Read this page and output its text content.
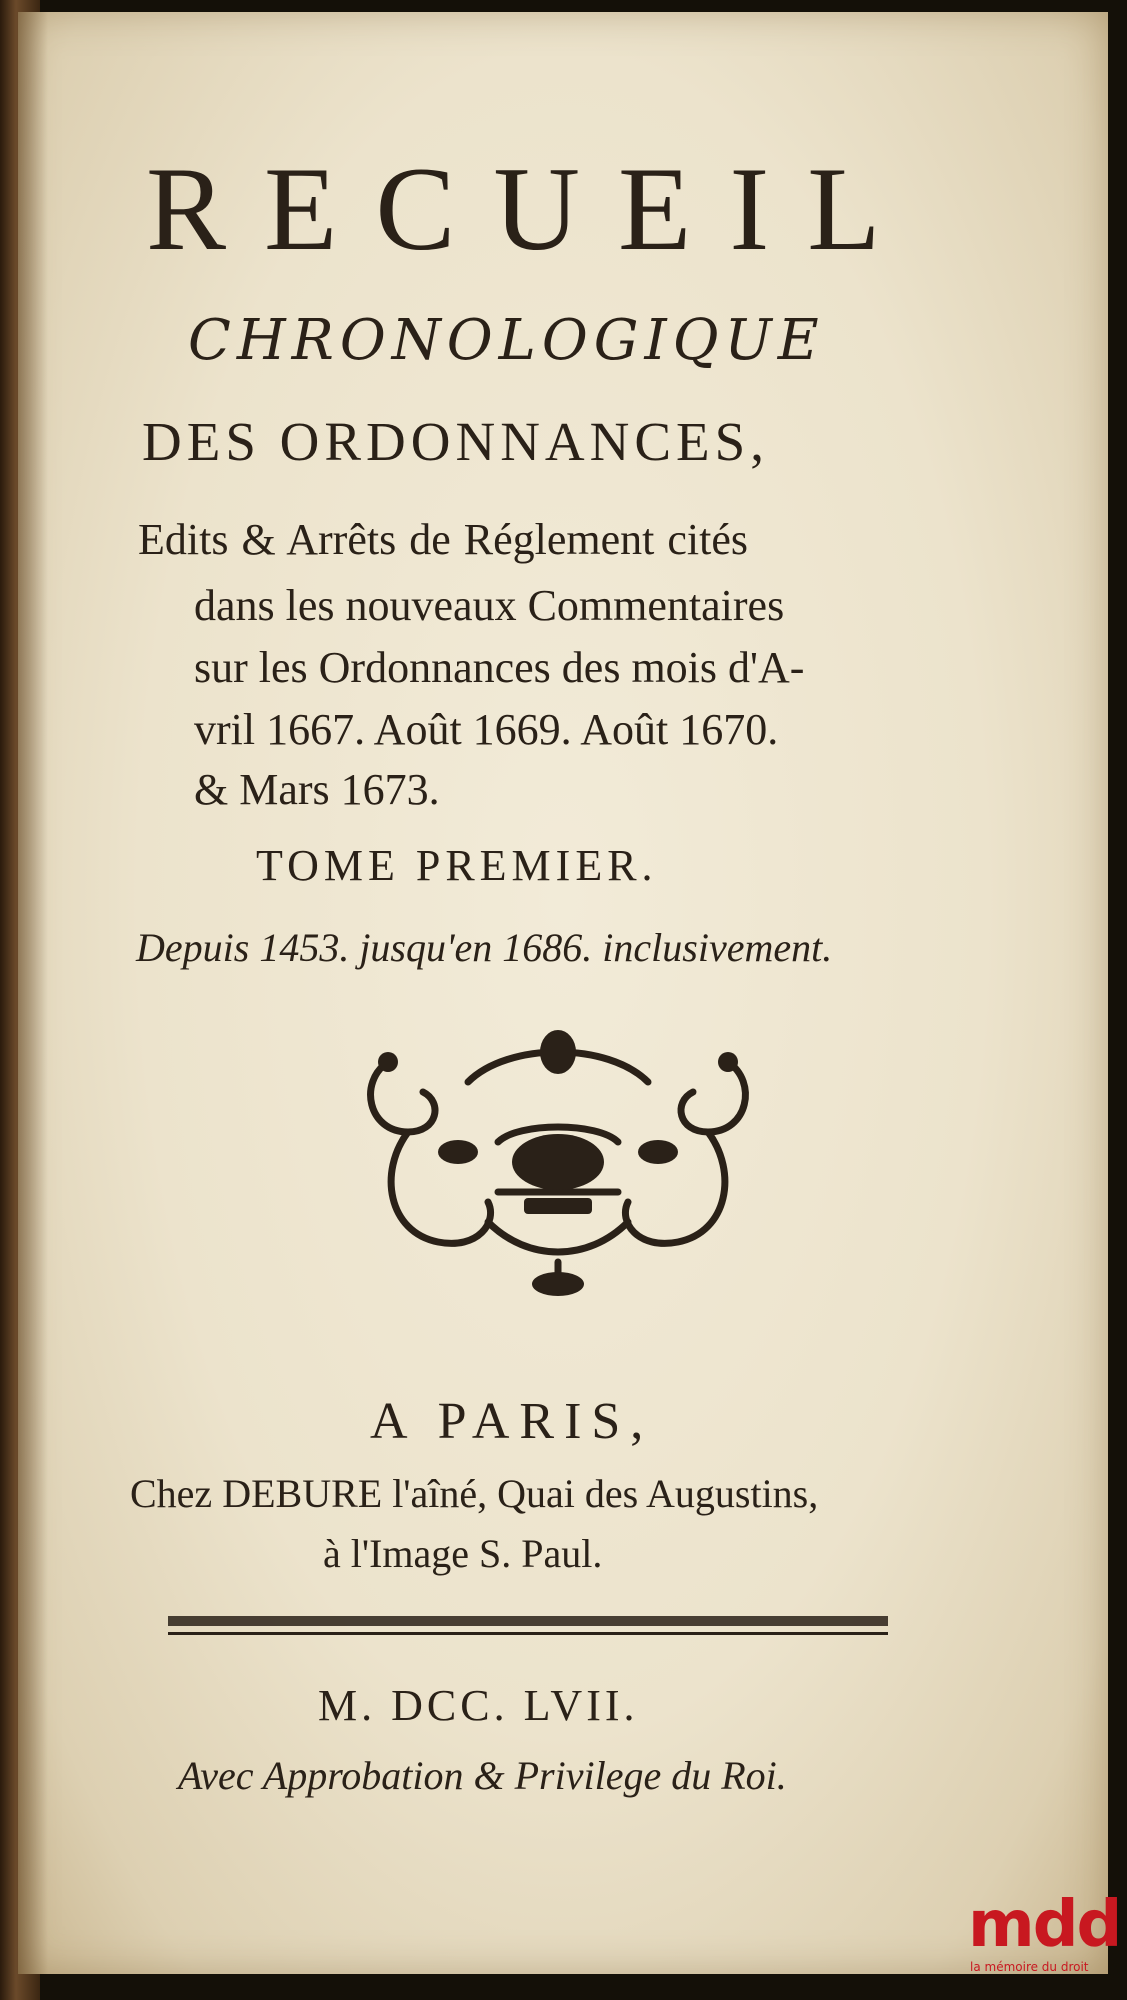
RECUEIL
CHRONOLOGIQUE
DES ORDONNANCES,
Edits & Arrêts de Réglement cités
dans les nouveaux Commentaires
sur les Ordonnances des mois d'A-
vril 1667. Août 1669. Août 1670.
& Mars 1673.
TOME PREMIER.
Depuis 1453. jusqu'en 1686. inclusivement.
A PARIS,
Chez DEBURE l'aîné, Quai des Augustins,
à l'Image S. Paul.
M. DCC. LVII.
Avec Approbation & Privilege du Roi.
mdd
la mémoire du droit
